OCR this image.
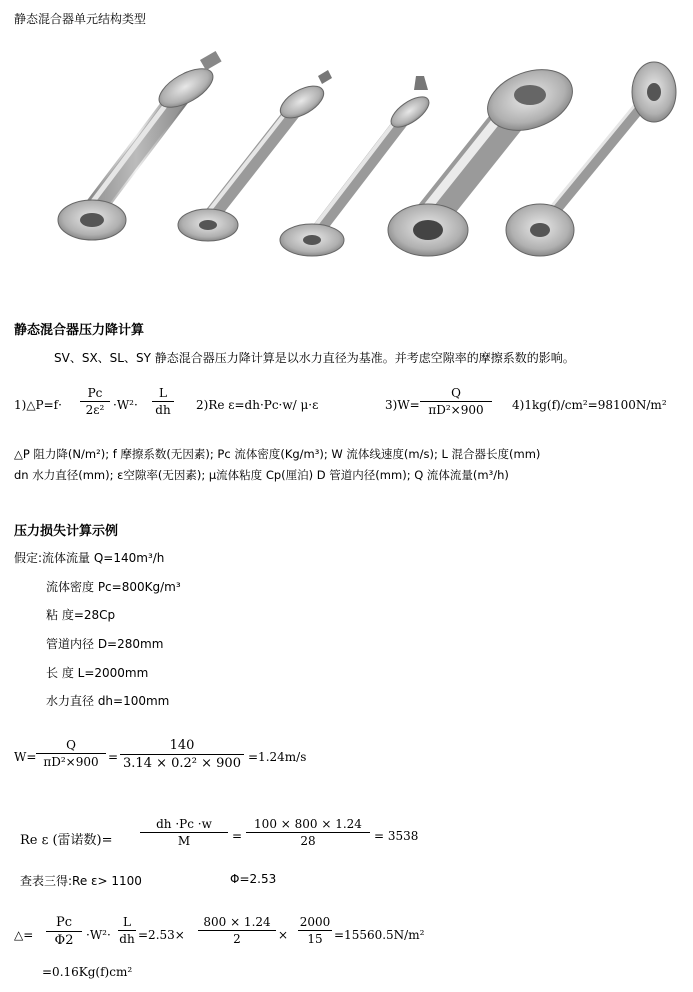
静态混合器单元结构类型
静态混合器压力降计算
SV、SX、SL、SY 静态混合器压力降计算是以水力直径为基准。并考虑空隙率的摩擦系数的影响。
1)△P=f·
Pc
2ε² ·W²·
L
dh 2)Re ε=dh·Pc·w/ μ·ε	3)W=
Q
πD²×900	4)1kg(f)/cm²=98100N/m²
△P 阻力降(N/m²); f 摩擦系数(无因素); Pc 流体密度(Kg/m³); W 流体线速度(m/s); L 混合器长度(mm)
dn 水力直径(mm); ε空隙率(无因素); μ流体粘度 Cp(厘泊) D 管道内径(mm); Q 流体流量(m³/h)
压力损失计算示例
假定:流体流量 Q=140m³/h
流体密度 Pc=800Kg/m³
粘 度=28Cp
管道内径 D=280mm
长 度 L=2000mm
水力直径 dh=100mm
W=
Q
πD²×900 =
140
3.14 × 0.2² × 900 =1.24m/s
Re ε (雷诺数)=
dh ·Pc ·w
M	=
100 × 800 × 1.24
28	= 3538
查表三得:Re ε> 1100	Φ=2.53
△=
Pc
Φ2	·W²·
L
dh =2.53×
800 × 1.24
2	×
2000
15 =15560.5N/m²
=0.16Kg(f)cm²
